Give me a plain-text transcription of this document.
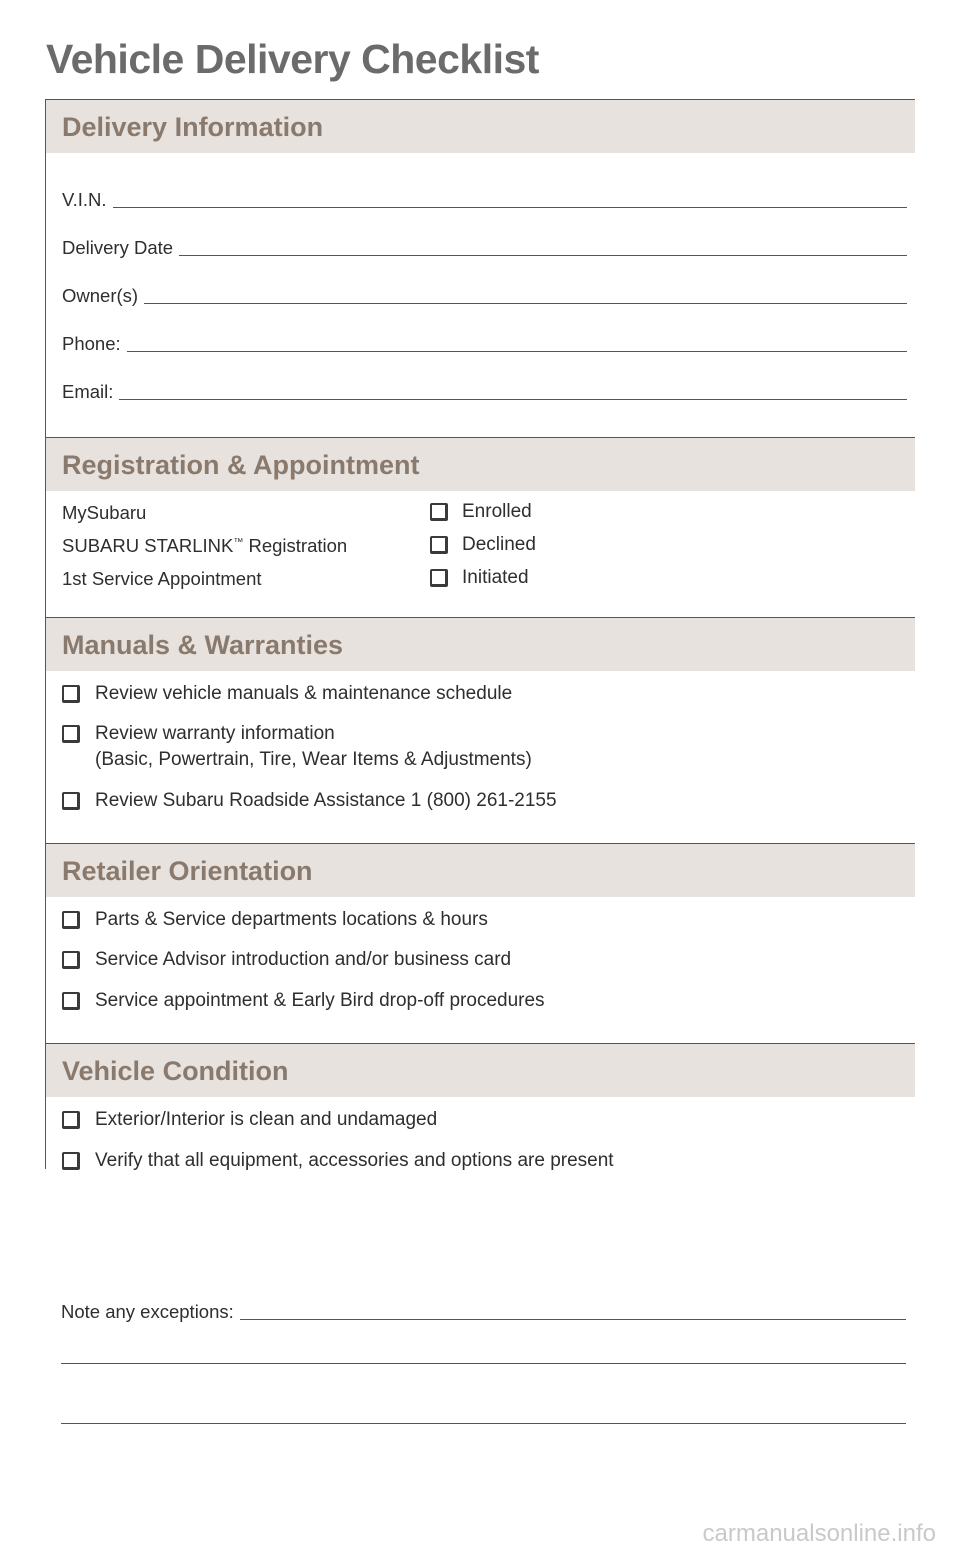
Vehicle Delivery Checklist
Delivery Information
V.I.N.
Delivery Date
Owner(s)
Phone:
Email:
Registration & Appointment
MySubaru
SUBARU STARLINK™ Registration
1st Service Appointment
Enrolled
Declined
Initiated
Manuals & Warranties
Review vehicle manuals & maintenance schedule
Review warranty information
(Basic, Powertrain, Tire, Wear Items & Adjustments)
Review Subaru Roadside Assistance 1 (800) 261-2155
Retailer Orientation
Parts & Service departments locations & hours
Service Advisor introduction and/or business card
Service appointment & Early Bird drop-off procedures
Vehicle Condition
Exterior/Interior is clean and undamaged
Verify that all equipment, accessories and options are present
Note any exceptions:
carmanualsonline.info
